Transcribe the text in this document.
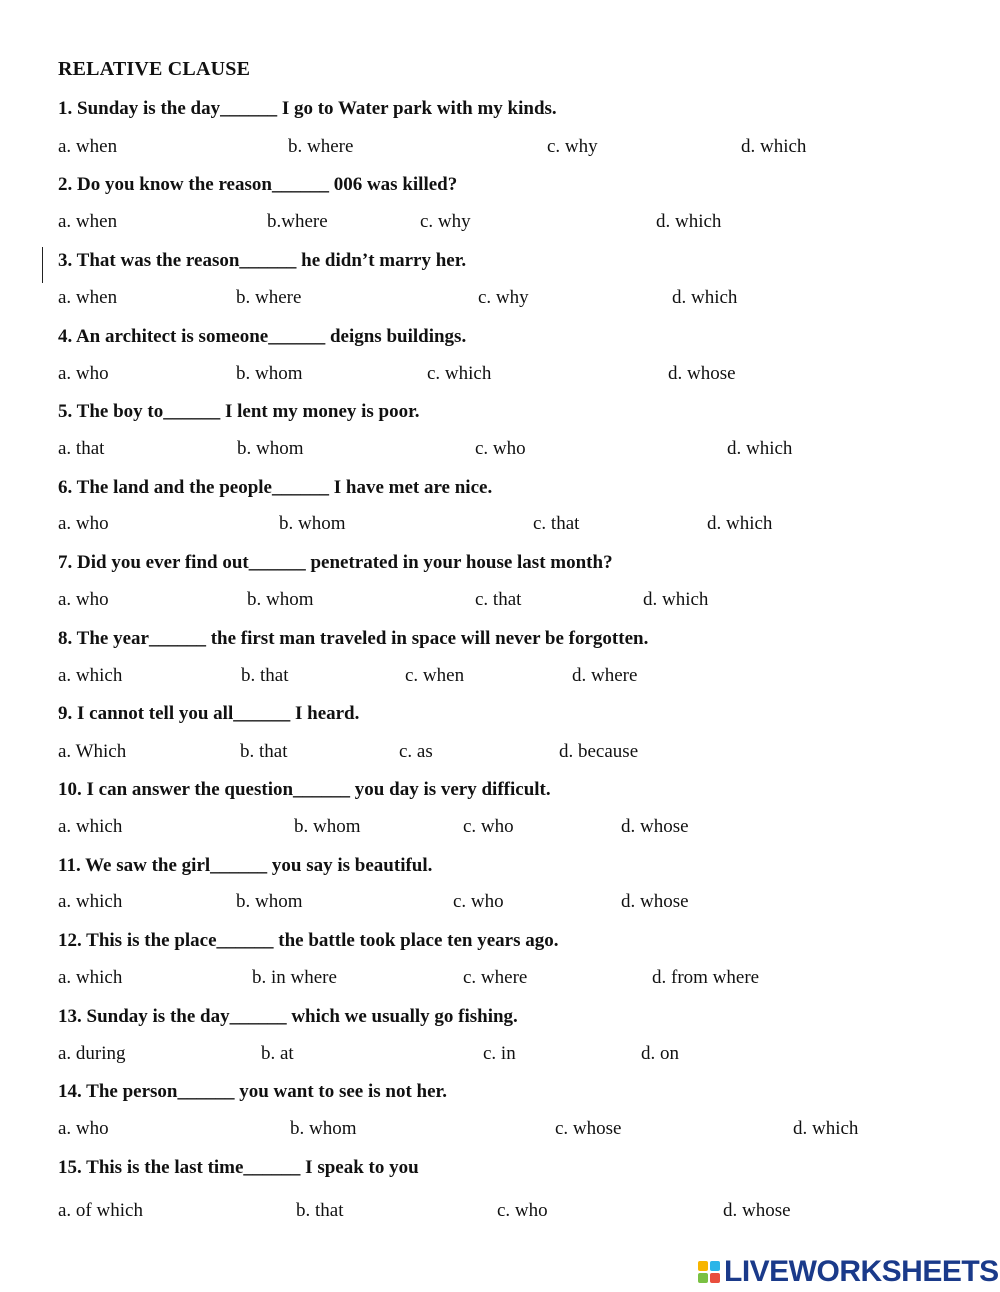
RELATIVE CLAUSE
1. Sunday is the day______ I go to Water park with my kinds.
a. when	b. where	c. why	d. which
2. Do you know the reason______ 006 was killed?
a. when	b.where	c. why	d. which
3. That was the reason______ he didn’t marry her.
a. when	b. where	c. why	d. which
4. An architect is someone______ deigns buildings.
a. who	b. whom	c. which	d. whose
5. The boy to______ I lent my money is poor.
a. that	b. whom	c. who	d. which
6. The land and the people______ I have met are nice.
a. who	b. whom	c. that	d. which
7. Did you ever find out______ penetrated in your house last month?
a. who	b. whom	c. that	d. which
8. The year______ the first man traveled in space will never be forgotten.
a. which	b. that	c. when	d. where
9. I cannot tell you all______ I heard.
a. Which	b. that	c. as	d. because
10. I can answer the question______ you day is very difficult.
a. which	b. whom	c. who	d. whose
11. We saw the girl______ you say is beautiful.
a. which	b. whom	c. who	d. whose
12. This is the place______ the battle took place ten years ago.
a. which	b. in where	c. where	d. from where
13. Sunday is the day______ which we usually go fishing.
a. during	b. at	c. in	d. on
14. The person______ you want to see is not her.
a. who	b. whom	c. whose	d. which
15. This is the last time______ I speak to you
a. of which	b. that	c. who	d. whose
LIVEWORKSHEETS
